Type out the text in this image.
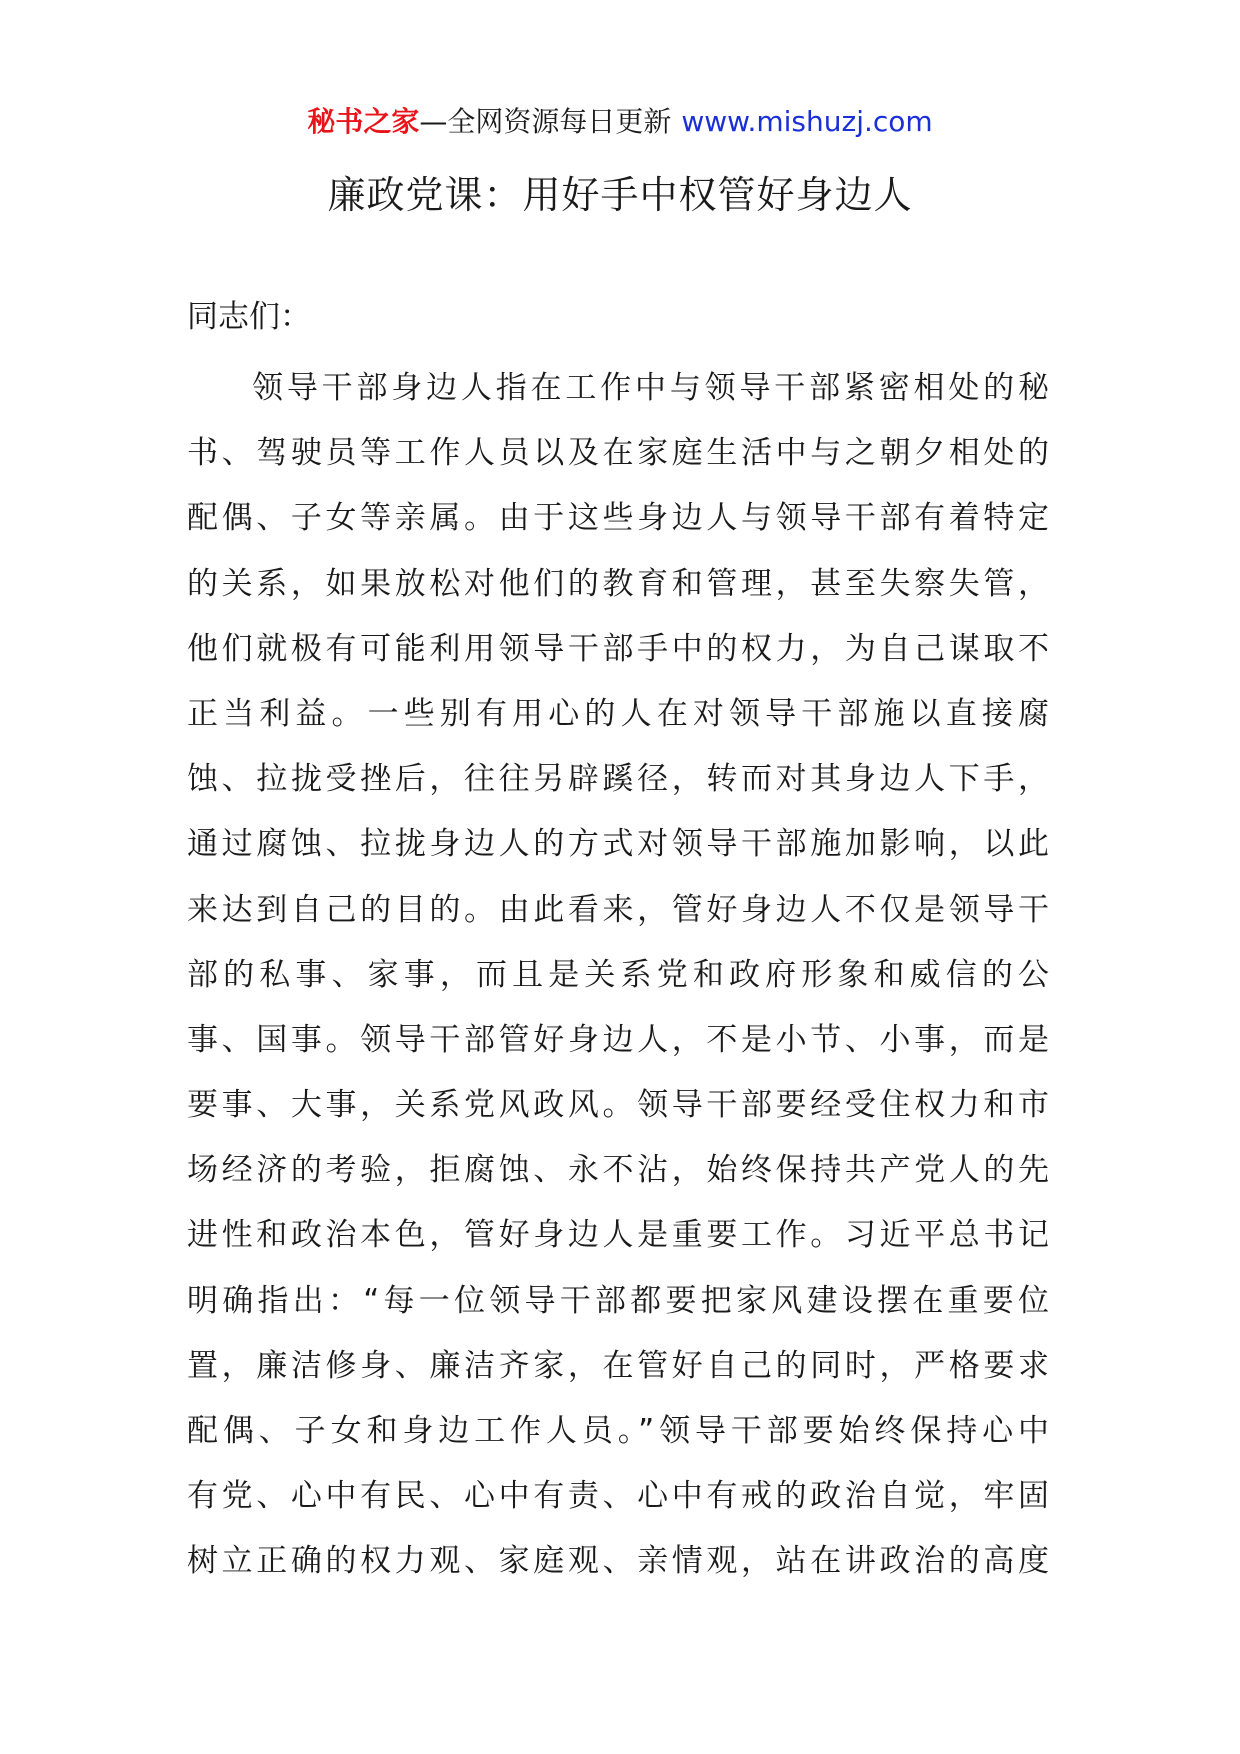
秘书之家—全网资源每日更新 www.mishuzj.com
廉政党课：用好手中权管好身边人

同志们：

领导干部身边人指在工作中与领导干部紧密相处的秘
书、驾驶员等工作人员以及在家庭生活中与之朝夕相处的
配偶、子女等亲属。由于这些身边人与领导干部有着特定
的关系，如果放松对他们的教育和管理，甚至失察失管，
他们就极有可能利用领导干部手中的权力，为自己谋取不
正当利益。一些别有用心的人在对领导干部施以直接腐
蚀、拉拢受挫后，往往另辟蹊径，转而对其身边人下手，
通过腐蚀、拉拢身边人的方式对领导干部施加影响，以此
来达到自己的目的。由此看来，管好身边人不仅是领导干
部的私事、家事，而且是关系党和政府形象和威信的公
事、国事。领导干部管好身边人，不是小节、小事，而是
要事、大事，关系党风政风。领导干部要经受住权力和市
场经济的考验，拒腐蚀、永不沾，始终保持共产党人的先
进性和政治本色，管好身边人是重要工作。习近平总书记
明确指出：“每一位领导干部都要把家风建设摆在重要位
置，廉洁修身、廉洁齐家，在管好自己的同时，严格要求
配偶、子女和身边工作人员。”领导干部要始终保持心中
有党、心中有民、心中有责、心中有戒的政治自觉，牢固
树立正确的权力观、家庭观、亲情观，站在讲政治的高度
